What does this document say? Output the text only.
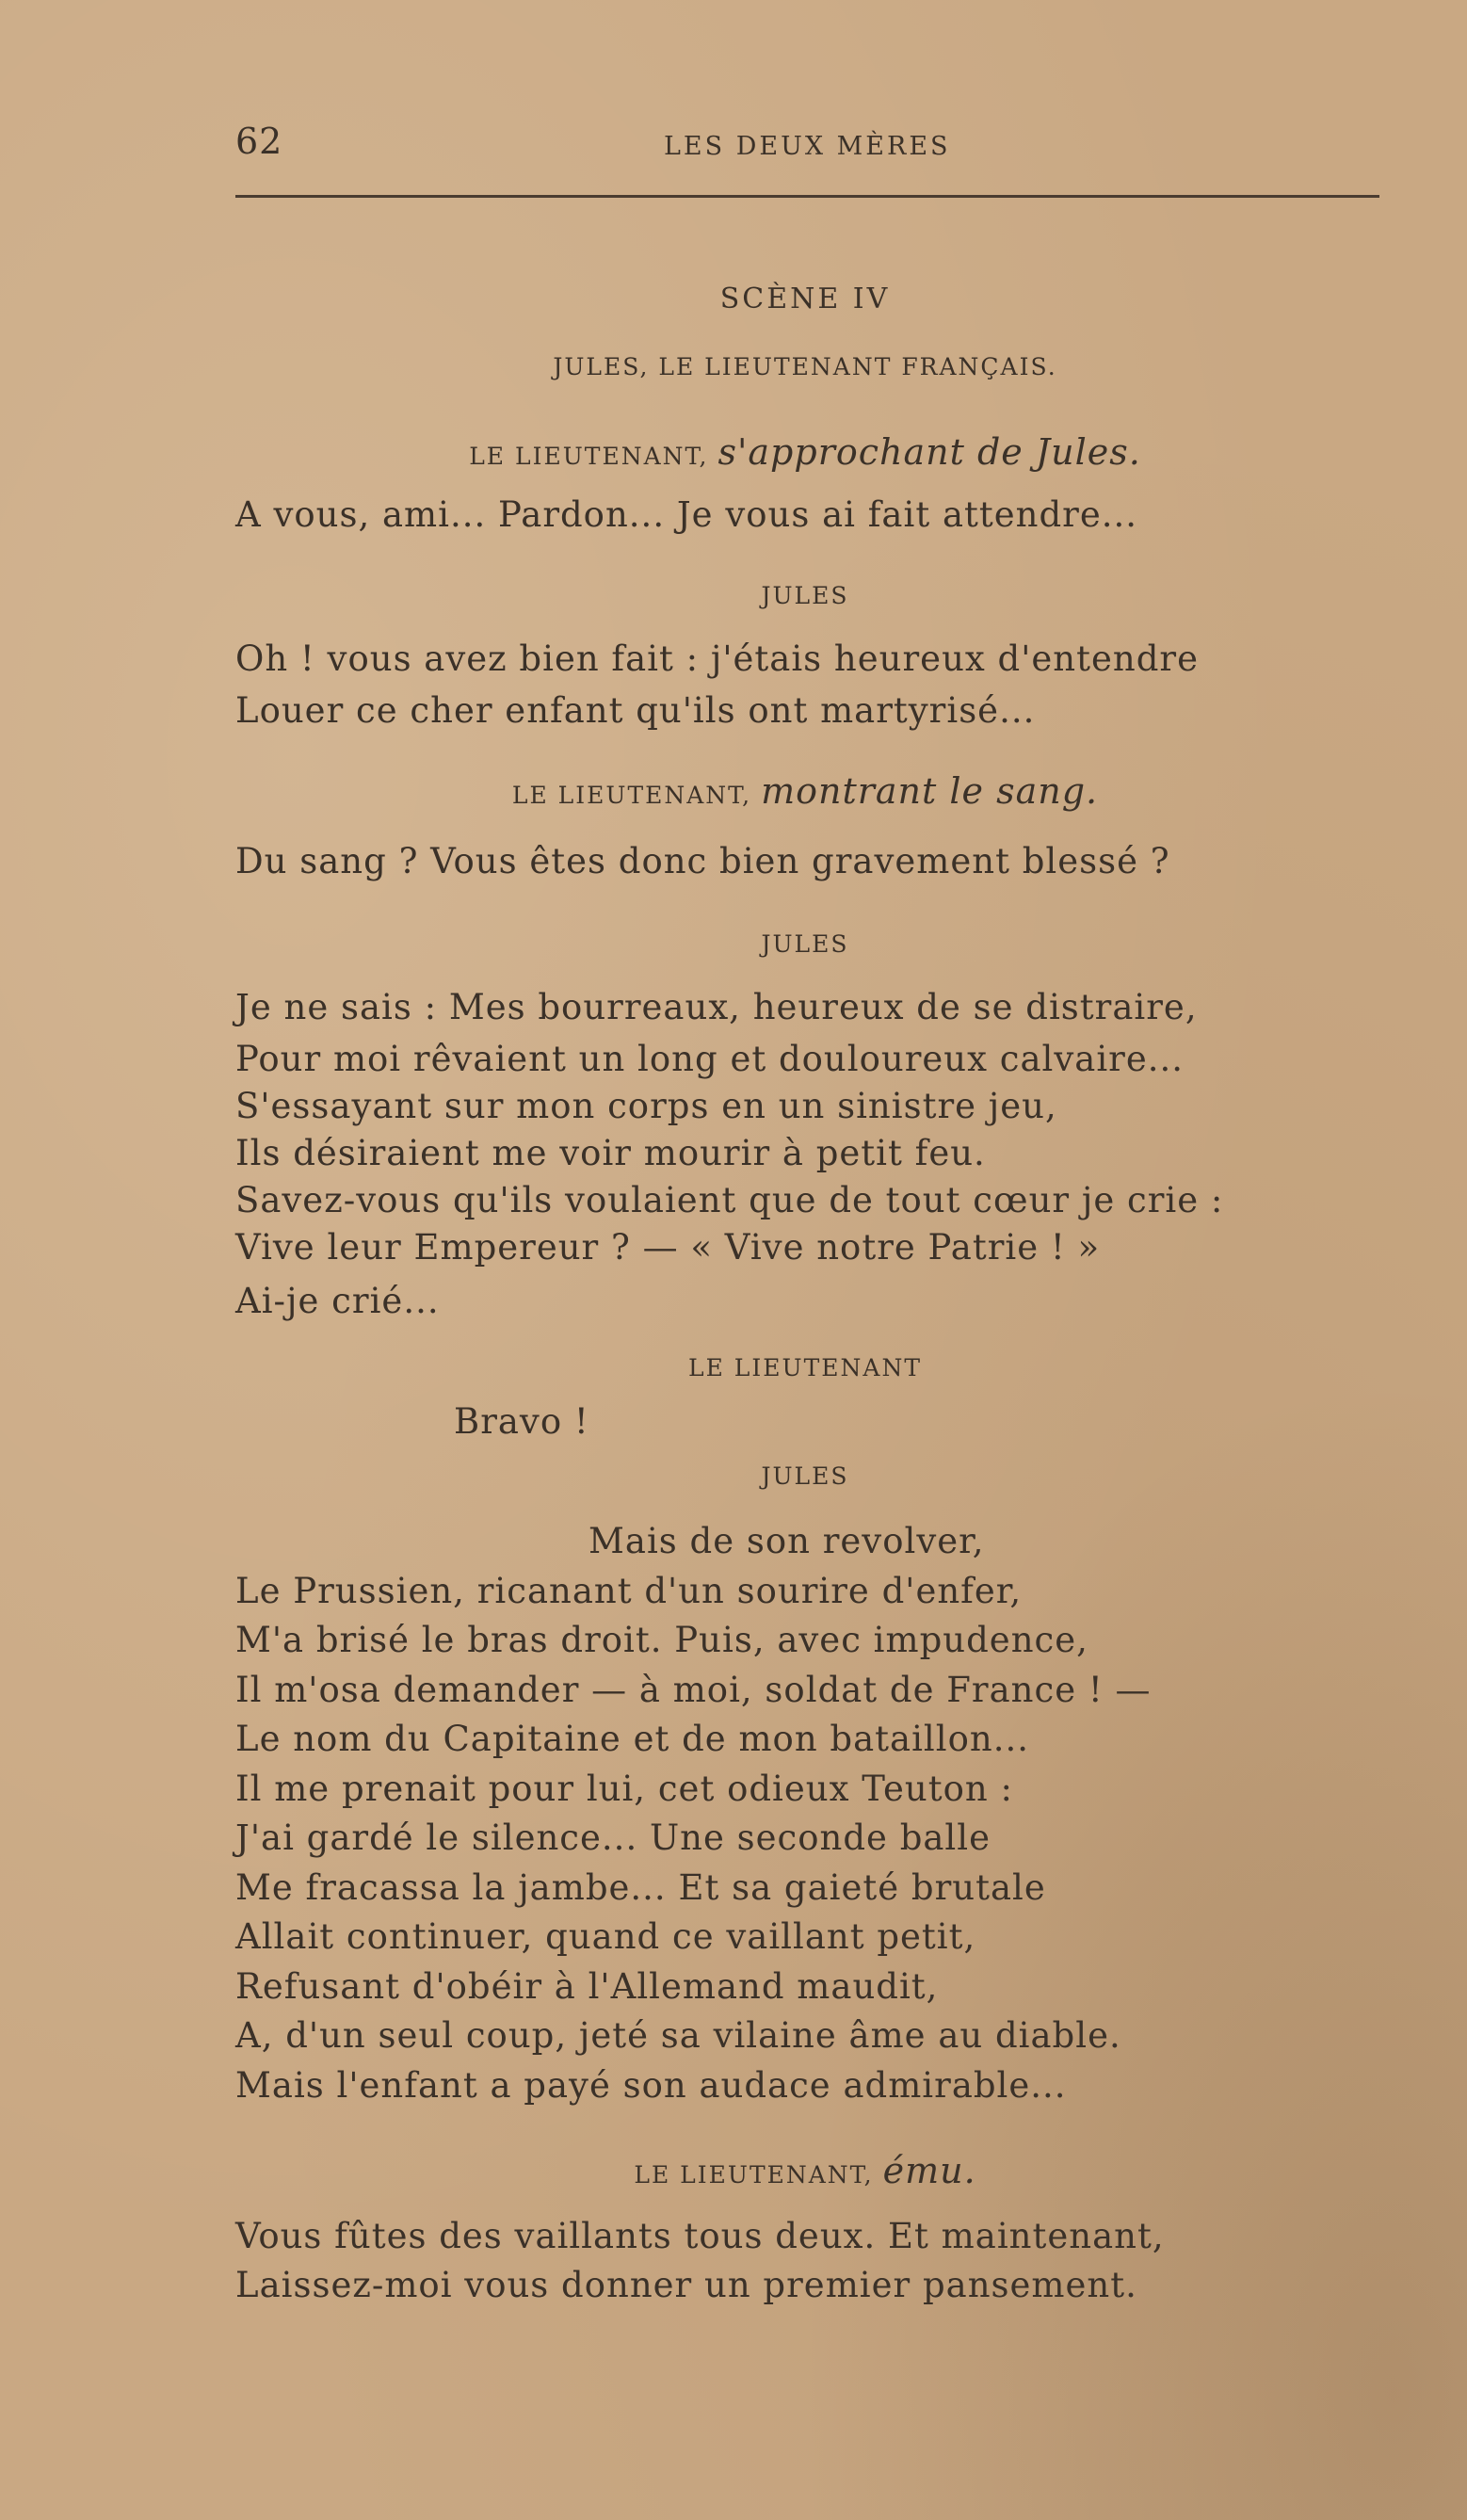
62	LES DEUX MÈRES
SCÈNE IV
JULES, LE LIEUTENANT FRANÇAIS.
LE LIEUTENANT, s'approchant de Jules.
A vous, ami... Pardon... Je vous ai fait attendre...
JULES
Oh ! vous avez bien fait : j'étais heureux d'entendre
Louer ce cher enfant qu'ils ont martyrisé...
LE LIEUTENANT, montrant le sang.
Du sang ? Vous êtes donc bien gravement blessé ?
JULES
Je ne sais : Mes bourreaux, heureux de se distraire,
Pour moi rêvaient un long et douloureux calvaire...
S'essayant sur mon corps en un sinistre jeu,
Ils désiraient me voir mourir à petit feu.
Savez-vous qu'ils voulaient que de tout cœur je crie :
Vive leur Empereur ? — « Vive notre Patrie ! »
Ai-je crié...
LE LIEUTENANT
Bravo !
JULES
Mais de son revolver,
Le Prussien, ricanant d'un sourire d'enfer,
M'a brisé le bras droit. Puis, avec impudence,
Il m'osa demander — à moi, soldat de France ! —
Le nom du Capitaine et de mon bataillon...
Il me prenait pour lui, cet odieux Teuton :
J'ai gardé le silence... Une seconde balle
Me fracassa la jambe... Et sa gaieté brutale
Allait continuer, quand ce vaillant petit,
Refusant d'obéir à l'Allemand maudit,
A, d'un seul coup, jeté sa vilaine âme au diable.
Mais l'enfant a payé son audace admirable...
LE LIEUTENANT, ému.
Vous fûtes des vaillants tous deux. Et maintenant,
Laissez-moi vous donner un premier pansement.
